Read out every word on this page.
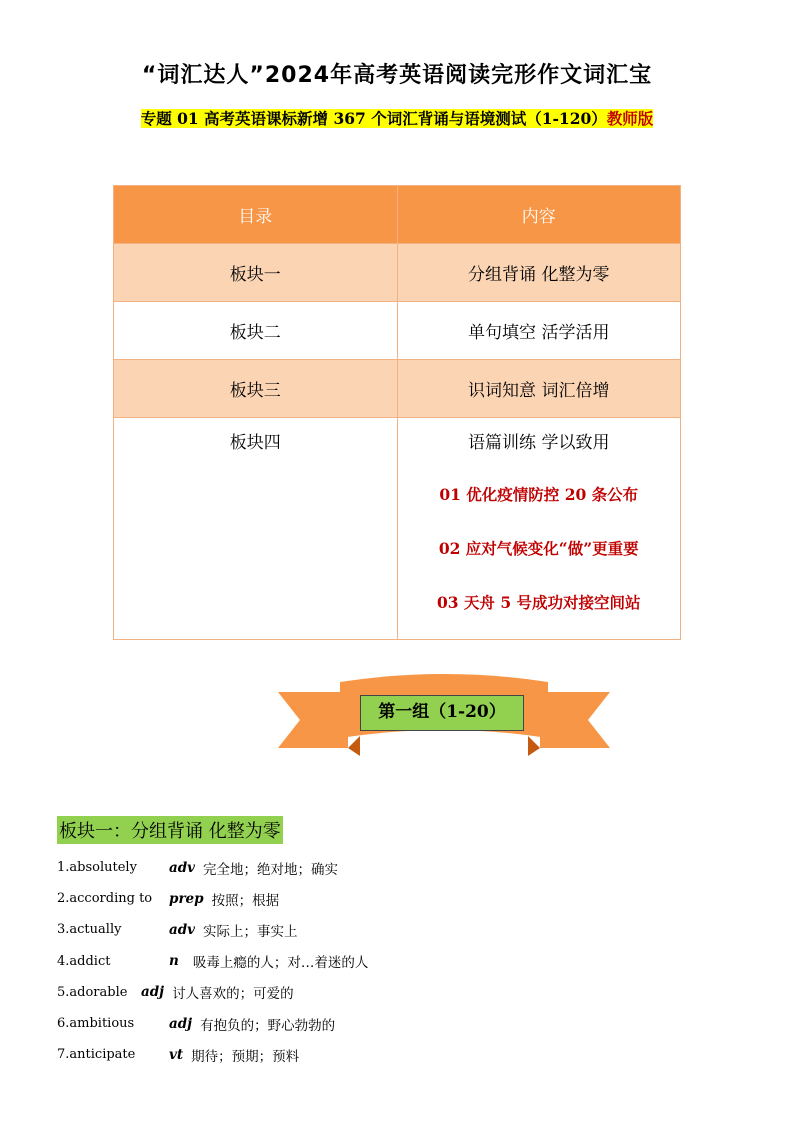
“词汇达人”2024年高考英语阅读完形作文词汇宝
专题 01 高考英语课标新增 367 个词汇背诵与语境测试（1-120）教师版
目录	内容
板块一	分组背诵 化整为零
板块二	单句填空 活学活用
板块三	识词知意 词汇倍增
板块四	语篇训练 学以致用
01 优化疫情防控 20 条公布
02 应对气候变化“做”更重要
03 天舟 5 号成功对接空间站
第一组（1-20）
板块一：分组背诵 化整为零
1.absolutely	adv 完全地；绝对地；确实
2.according to	prep 按照；根据
3.actually	adv 实际上；事实上
4.addict	n 吸毒上瘾的人；对…着迷的人
5.adorable	adj 讨人喜欢的；可爱的
6.ambitious	adj 有抱负的；野心勃勃的
7.anticipate	vt 期待；预期；预料
